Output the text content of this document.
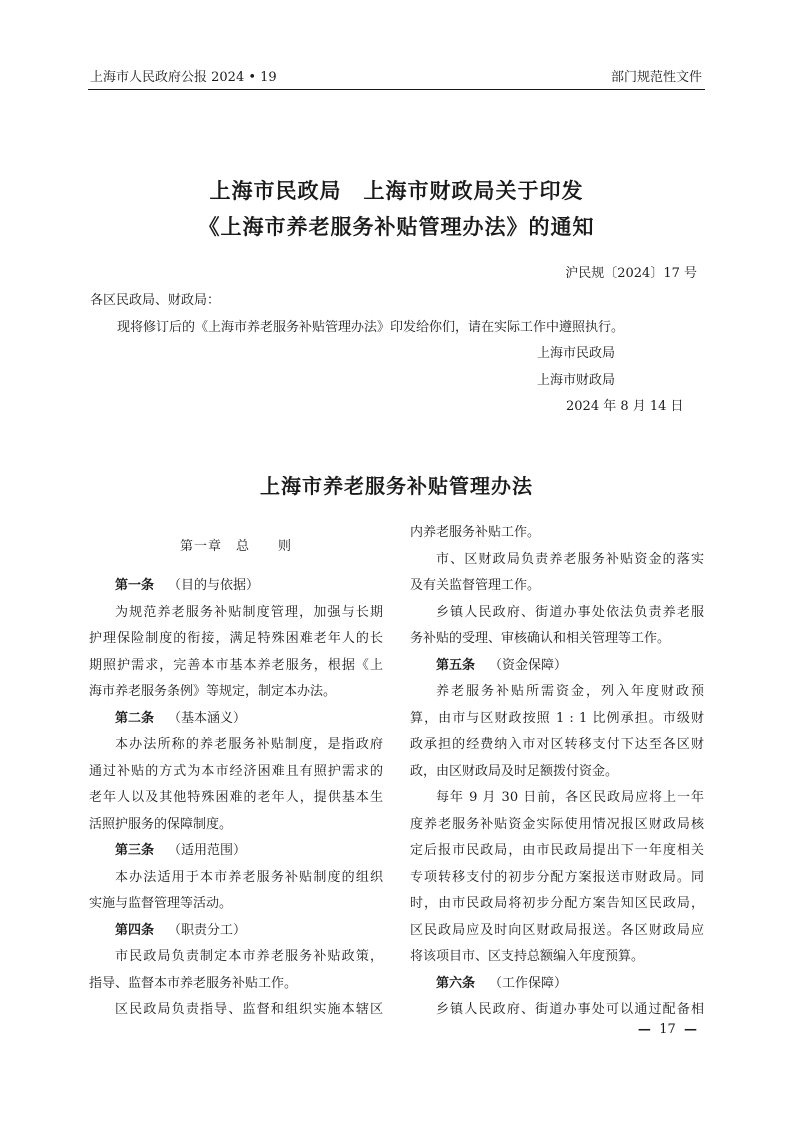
上海市人民政府公报 2024 • 19	部门规范性文件
上海市民政局　上海市财政局关于印发
《上海市养老服务补贴管理办法》的通知
沪民规〔2024〕17 号
各区民政局、财政局：
现将修订后的《上海市养老服务补贴管理办法》印发给你们，请在实际工作中遵照执行。
上海市民政局
上海市财政局
2024 年 8 月 14 日
上海市养老服务补贴管理办法
第一章　总　　则
第一条 （目的与依据）
为规范养老服务补贴制度管理，加强与长期
护理保险制度的衔接，满足特殊困难老年人的长
期照护需求，完善本市基本养老服务，根据《上
海市养老服务条例》等规定，制定本办法。
第二条 （基本涵义）
本办法所称的养老服务补贴制度，是指政府
通过补贴的方式为本市经济困难且有照护需求的
老年人以及其他特殊困难的老年人，提供基本生
活照护服务的保障制度。
第三条 （适用范围）
本办法适用于本市养老服务补贴制度的组织
实施与监督管理等活动。
第四条 （职责分工）
市民政局负责制定本市养老服务补贴政策，
指导、监督本市养老服务补贴工作。
区民政局负责指导、监督和组织实施本辖区
内养老服务补贴工作。
市、区财政局负责养老服务补贴资金的落实
及有关监督管理工作。
乡镇人民政府、街道办事处依法负责养老服
务补贴的受理、审核确认和相关管理等工作。
第五条 （资金保障）
养老服务补贴所需资金，列入年度财政预
算，由市与区财政按照 1 : 1 比例承担。市级财
政承担的经费纳入市对区转移支付下达至各区财
政，由区财政局及时足额拨付资金。
每年 9 月 30 日前，各区民政局应将上一年
度养老服务补贴资金实际使用情况报区财政局核
定后报市民政局，由市民政局提出下一年度相关
专项转移支付的初步分配方案报送市财政局。同
时，由市民政局将初步分配方案告知区民政局，
区民政局应及时向区财政局报送。各区财政局应
将该项目市、区支持总额编入年度预算。
第六条 （工作保障）
乡镇人民政府、街道办事处可以通过配备相
— 17 —
